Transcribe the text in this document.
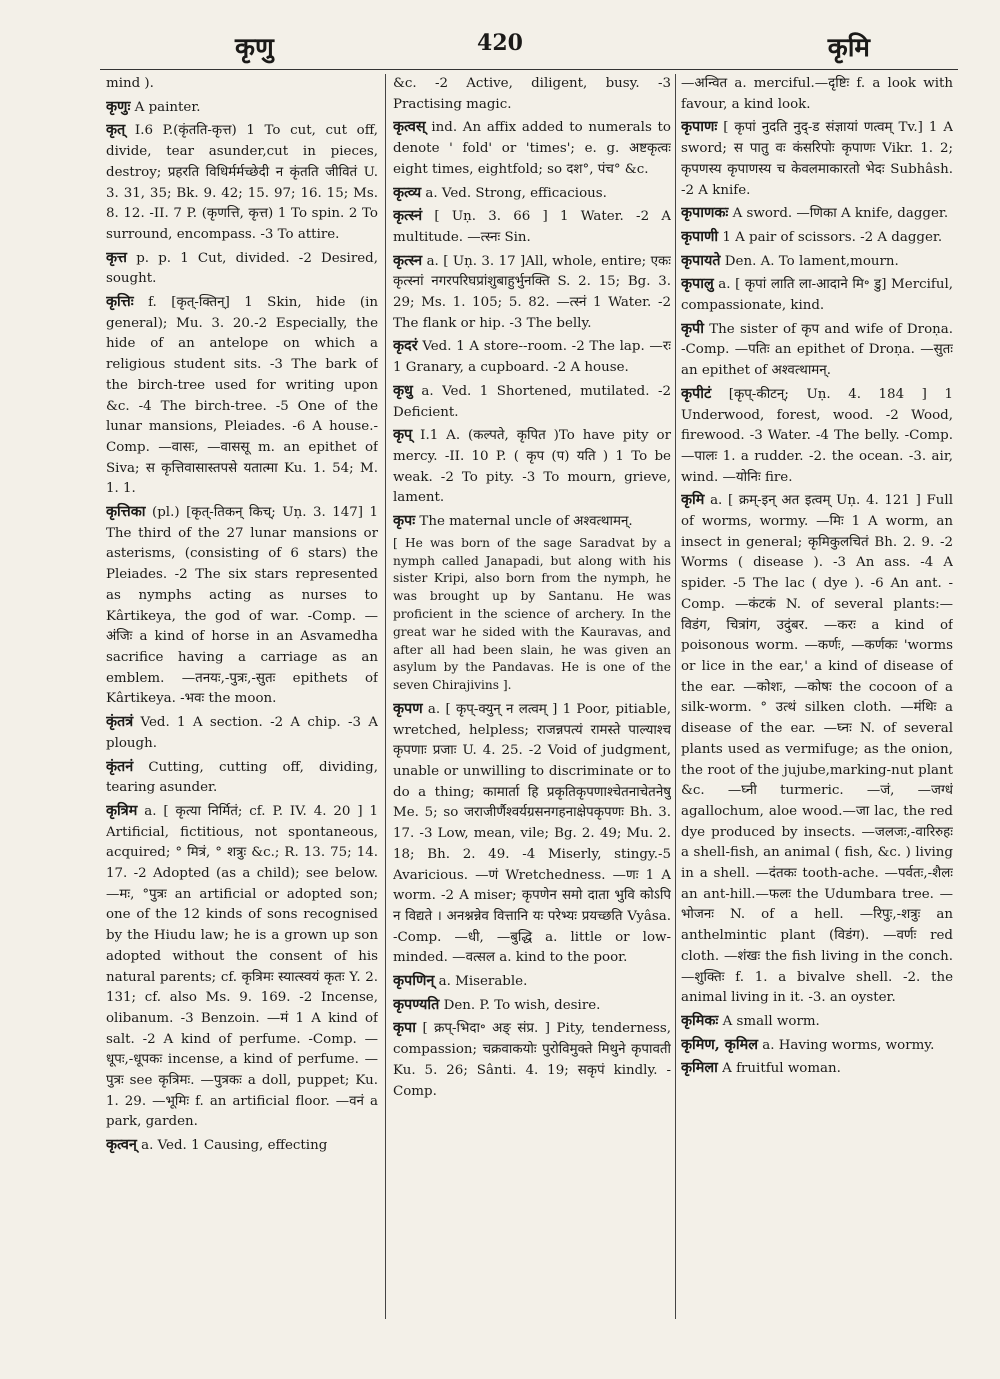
कृणु	420	कृमि
mind ).
कृणुः A painter.
कृत् I.6 P.(कृंतति-कृत्त) 1 To cut, cut off, divide, tear asunder,cut in pieces, destroy; प्रहरति विधिर्मर्मच्छेदी न कृंतति जीवितं U. 3. 31, 35; Bk. 9. 42; 15. 97; 16. 15; Ms. 8. 12. -II. 7 P. (कृणत्ति, कृत्त) 1 To spin. 2 To surround, encompass. -3 To attire.
कृत्त p. p. 1 Cut, divided. -2 Desired, sought.
कृत्तिः f. [कृत्-क्तिन्] 1 Skin, hide (in general); Mu. 3. 20.-2 Especially, the hide of an antelope on which a religious student sits. -3 The bark of the birch-tree used for writing upon &c. -4 The birch-tree. -5 One of the lunar mansions, Pleiades. -6 A house.-Comp. —वासः, —वाससू m. an epithet of Siva; स कृत्तिवासास्तपसे यतात्मा Ku. 1. 54; M. 1. 1.
कृत्तिका (pl.) [कृत्-तिकन् किच्; Uṇ. 3. 147] 1 The third of the 27 lunar mansions or asterisms, (consisting of 6 stars) the Pleiades. -2 The six stars represented as nymphs acting as nurses to Kârtikeya, the god of war. -Comp. —अंजिः a kind of horse in an Asvamedha sacrifice having a carriage as an emblem. —तनयः,-पुत्रः,-सुतः epithets of Kârtikeya. -भवः the moon.
कृंतत्रं Ved. 1 A section. -2 A chip. -3 A plough.
कृंतनं Cutting, cutting off, dividing, tearing asunder.
कृत्रिम a. [ कृत्या निर्मितं; cf. P. IV. 4. 20 ] 1 Artificial, fictitious, not spontaneous, acquired; ° मित्रं, ° शत्रुः &c.; R. 13. 75; 14. 17. -2 Adopted (as a child); see below. —मः, °पुत्रः an artificial or adopted son; one of the 12 kinds of sons recognised by the Hiudu law; he is a grown up son adopted without the consent of his natural parents; cf. कृत्रिमः स्यात्स्वयं कृतः Y. 2. 131; cf. also Ms. 9. 169. -2 Incense, olibanum. -3 Benzoin. —मं 1 A kind of salt. -2 A kind of perfume. -Comp. —धूपः,-धूपकः incense, a kind of perfume. —पुत्रः see कृत्रिमः. —पुत्रकः a doll, puppet; Ku. 1. 29. —भूमिः f. an artificial floor. —वनं a park, garden.
कृत्वन् a. Ved. 1 Causing, effecting
&c. -2 Active, diligent, busy. -3 Practising magic.
कृत्वस् ind. An affix added to numerals to denote ' fold' or 'times'; e. g. अष्टकृत्वः eight times, eightfold; so दश°, पंच° &c.
कृत्व्य a. Ved. Strong, efficacious.
कृत्स्नं [ Uṇ. 3. 66 ] 1 Water. -2 A multitude. —त्स्नः Sin.
कृत्स्न a. [ Uṇ. 3. 17 ]All, whole, entire; एकः कृत्स्नां नगरपरिघप्रांशुबाहुर्भुनक्ति S. 2. 15; Bg. 3. 29; Ms. 1. 105; 5. 82. —त्स्नं 1 Water. -2 The flank or hip. -3 The belly.
कृदरं Ved. 1 A store--room. -2 The lap. —रः 1 Granary, a cupboard. -2 A house.
कृधु a. Ved. 1 Shortened, mutilated. -2 Deficient.
कृप् I.1 A. (कल्पते, कृपित )To have pity or mercy. -II. 10 P. ( कृप (प) यति ) 1 To be weak. -2 To pity. -3 To mourn, grieve, lament.
कृपः The maternal uncle of अश्वत्थामन्.
[ He was born of the sage Saradvat by a nymph called Janapadi, but along with his sister Kripi, also born from the nymph, he was brought up by Santanu. He was proficient in the science of archery. In the great war he sided with the Kauravas, and after all had been slain, he was given an asylum by the Pandavas. He is one of the seven Chirajivins ].
कृपण a. [ कृप्-क्युन् न लत्वम् ] 1 Poor, pitiable, wretched, helpless; राजन्नपत्यं रामस्ते पाल्याश्च कृपणाः प्रजाः U. 4. 25. -2 Void of judgment, unable or unwilling to discriminate or to do a thing; कामार्ता हि प्रकृतिकृपणाश्चेतनाचेतनेषु Me. 5; so जराजीर्णैश्वर्यग्रसनगहनाक्षेपकृपणः Bh. 3. 17. -3 Low, mean, vile; Bg. 2. 49; Mu. 2. 18; Bh. 2. 49. -4 Miserly, stingy.-5 Avaricious. —णं Wretchedness. —णः 1 A worm. -2 A miser; कृपणेन समो दाता भुवि कोऽपि न विद्यते । अनश्नन्नेव वित्तानि यः परेभ्यः प्रयच्छति Vyâsa. -Comp. —धी, —बुद्धि a. little or low-minded. —वत्सल a. kind to the poor.
कृपणिन् a. Miserable.
कृपण्यति Den. P. To wish, desire.
कृपा [ क्रप्-भिदा॰ अङ् संप्र. ] Pity, tenderness, compassion; चक्रवाकयोः पुरोविमुक्ते मिथुने कृपावती Ku. 5. 26; Sânti. 4. 19; सकृपं kindly. -Comp.
—अन्वित a. merciful.—दृष्टिः f. a look with favour, a kind look.
कृपाणः [ कृपां नुदति नुद्-ड संज्ञायां णत्वम् Tv.] 1 A sword; स पातु वः कंसरिपोः कृपाणः Vikr. 1. 2; कृपणस्य कृपाणस्य च केवलमाकारतो भेदः Subhâsh. -2 A knife.
कृपाणकः A sword. —णिका A knife, dagger.
कृपाणी 1 A pair of scissors. -2 A dagger.
कृपायते Den. A. To lament,mourn.
कृपालु a. [ कृपां लाति ला-आदाने मि॰ डु] Merciful, compassionate, kind.
कृपी The sister of कृप and wife of Droṇa. -Comp. —पतिः an epithet of Droṇa. —सुतः an epithet of अश्वत्थामन्.
कृपीटं [कृप्-कीटन्; Uṇ. 4. 184 ] 1 Underwood, forest, wood. -2 Wood, firewood. -3 Water. -4 The belly. -Comp. —पालः 1. a rudder. -2. the ocean. -3. air, wind. —योनिः fire.
कृमि a. [ क्रम्-इन् अत इत्वम् Uṇ. 4. 121 ] Full of worms, wormy. —मिः 1 A worm, an insect in general; कृमिकुलचितं Bh. 2. 9. -2 Worms ( disease ). -3 An ass. -4 A spider. -5 The lac ( dye ). -6 An ant. -Comp. —कंटकं N. of several plants:—विडंग, चित्रांग, उदुंबर. —करः a kind of poisonous worm. —कर्णः, —कर्णकः 'worms or lice in the ear,' a kind of disease of the ear. —कोशः, —कोषः the cocoon of a silk-worm. ° उत्थं silken cloth. —मंथिः a disease of the ear. —घ्नः N. of several plants used as vermifuge; as the onion, the root of the jujube,marking-nut plant &c. —घ्नी turmeric. —जं, —जग्धं agallochum, aloe wood.—जा lac, the red dye produced by insects. —जलजः,-वारिरुहः a shell-fish, an animal ( fish, &c. ) living in a shell. —दंतकः tooth-ache. —पर्वतः,-शैलः an ant-hill.—फलः the Udumbara tree. —भोजनः N. of a hell. —रिपुः,-शत्रुः an anthelmintic plant (विडंग). —वर्णः red cloth. —शंखः the fish living in the conch. —शुक्तिः f. 1. a bivalve shell. -2. the animal living in it. -3. an oyster.
कृमिकः A small worm.
कृमिण, कृमिल a. Having worms, wormy.
कृमिला A fruitful woman.
